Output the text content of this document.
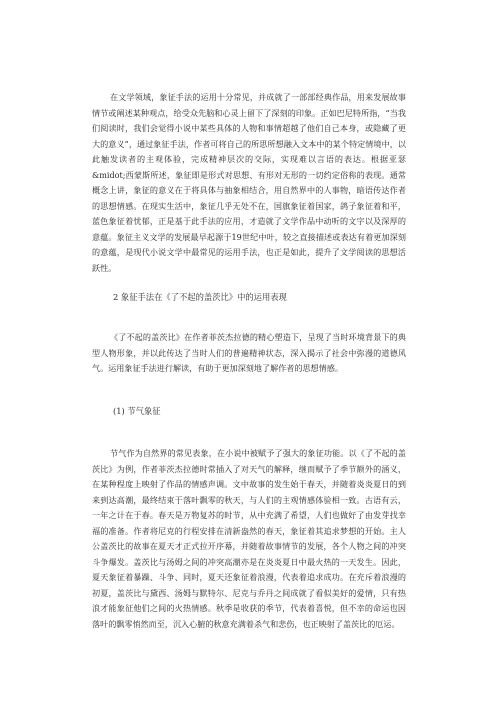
在文学领域，象征手法的运用十分常见，并成就了一部部经典作品，用来发展故事情节或阐述某种观点，给受众先脑和心灵上留下了深刻的印象。正如巴尼特所指，“当我们阅读时，我们会觉得小说中某些具体的人物和事情超越了他们自己本身，或隐藏了更大的意义”，通过象征手法，作者可将自己的所思所想融入文本中的某个特定情境中，以此触发读者的主观体验，完成精神层次的交际，实现难以言语的表达。根据亚瑟&midot;西蒙斯所述，象征即是形式对思想、有形对无形的一切约定俗称的表现。通常概念上讲，象征的意义在于将具体与抽象相结合，用自然界中的人事物，暗语传达作者的思想情感。在现实生活中，象征几乎无处不在，国旗象征着国家，鸽子象征着和平，蓝色象征着忧郁，正是基于此手法的应用，才造就了文学作品中动听的文字以及深厚的意蕴。象征主义文学的发展最早起源于19世纪中叶，较之直接描述或表达有着更加深刻的意蕴，是现代小说文学中最常见的运用手法，也正是如此，提升了文学阅读的思想活跃性。

2 象征手法在《了不起的盖茨比》中的运用表现

《了不起的盖茨比》在作者菲茨杰拉德的精心塑造下，呈现了当时环境背景下的典型人物形象，并以此传达了当时人们的普遍精神状态，深入揭示了社会中弥漫的道德风气。运用象征手法进行解读，有助于更加深刻地了解作者的思想情感。

(1) 节气象征

节气作为自然界的常见表象，在小说中被赋予了强大的象征功能。以《了不起的盖茨比》为例，作者菲茨杰拉德时常插入了对天气的解释，继而赋予了季节额外的涵义，在某种程度上映射了作品的情感声调。文中故事的发生始于春天，并随着炎炎夏日的到来到达高潮，最终结束于落叶飘零的秋天，与人们的主观情感体验相一致。古语有云，一年之计在于春。春天是万物复苏的时节，从中充满了希望，人们也做好了由发芽找幸福的准备。作者将尼克的行程安排在清新盎然的春天，象征着其追求梦想的开始。主人公盖茨比的故事在夏天才正式拉开序幕，并随着故事情节的发展，各个人物之间的冲突斗争爆发。盖茨比与汤姆之间的冲突高潮亦是在炎炎夏日中最火热的一天发生。因此，夏天象征着暴躁、斗争、同时，夏天还象征着浪漫，代表着追求成功。在充斥着浪漫的初夏，盖茨比与黛西、汤姆与默特尔、尼克与乔丹之间成就了看似美好的爱情，只有热浪才能象征他们之间的火热情感。秋季是收获的季节，代表着喜悦，但不幸的命运也因落叶的飘零悄然而至，沉入心腑的秋意充满着杀气和悲伤，也正映射了盖茨比的厄运。
